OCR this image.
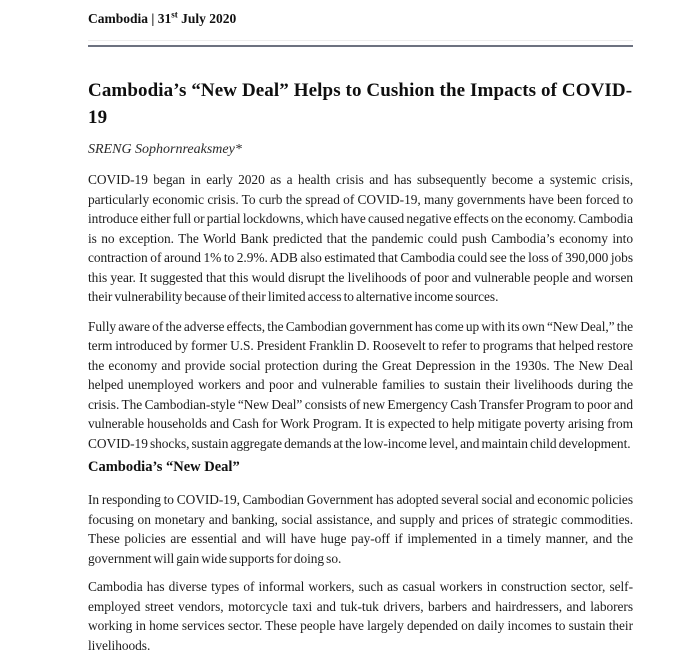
Cambodia | 31st July 2020
Cambodia’s “New Deal” Helps to Cushion the Impacts of COVID-19
SRENG Sophornreaksmey*

COVID-19 began in early 2020 as a health crisis and has subsequently become a systemic crisis, particularly economic crisis. To curb the spread of COVID-19, many governments have been forced to introduce either full or partial lockdowns, which have caused negative effects on the economy. Cambodia is no exception. The World Bank predicted that the pandemic could push Cambodia’s economy into contraction of around 1% to 2.9%. ADB also estimated that Cambodia could see the loss of 390,000 jobs this year. It suggested that this would disrupt the livelihoods of poor and vulnerable people and worsen their vulnerability because of their limited access to alternative income sources.

Fully aware of the adverse effects, the Cambodian government has come up with its own “New Deal,” the term introduced by former U.S. President Franklin D. Roosevelt to refer to programs that helped restore the economy and provide social protection during the Great Depression in the 1930s. The New Deal helped unemployed workers and poor and vulnerable families to sustain their livelihoods during the crisis. The Cambodian-style “New Deal” consists of new Emergency Cash Transfer Program to poor and vulnerable households and Cash for Work Program. It is expected to help mitigate poverty arising from COVID-19 shocks, sustain aggregate demands at the low-income level, and maintain child development.

Cambodia’s “New Deal”

In responding to COVID-19, Cambodian Government has adopted several social and economic policies focusing on monetary and banking, social assistance, and supply and prices of strategic commodities. These policies are essential and will have huge pay-off if implemented in a timely manner, and the government will gain wide supports for doing so.

Cambodia has diverse types of informal workers, such as casual workers in construction sector, self-employed street vendors, motorcycle taxi and tuk-tuk drivers, barbers and hairdressers, and laborers working in home services sector. These people have largely depended on daily incomes to sustain their livelihoods.
